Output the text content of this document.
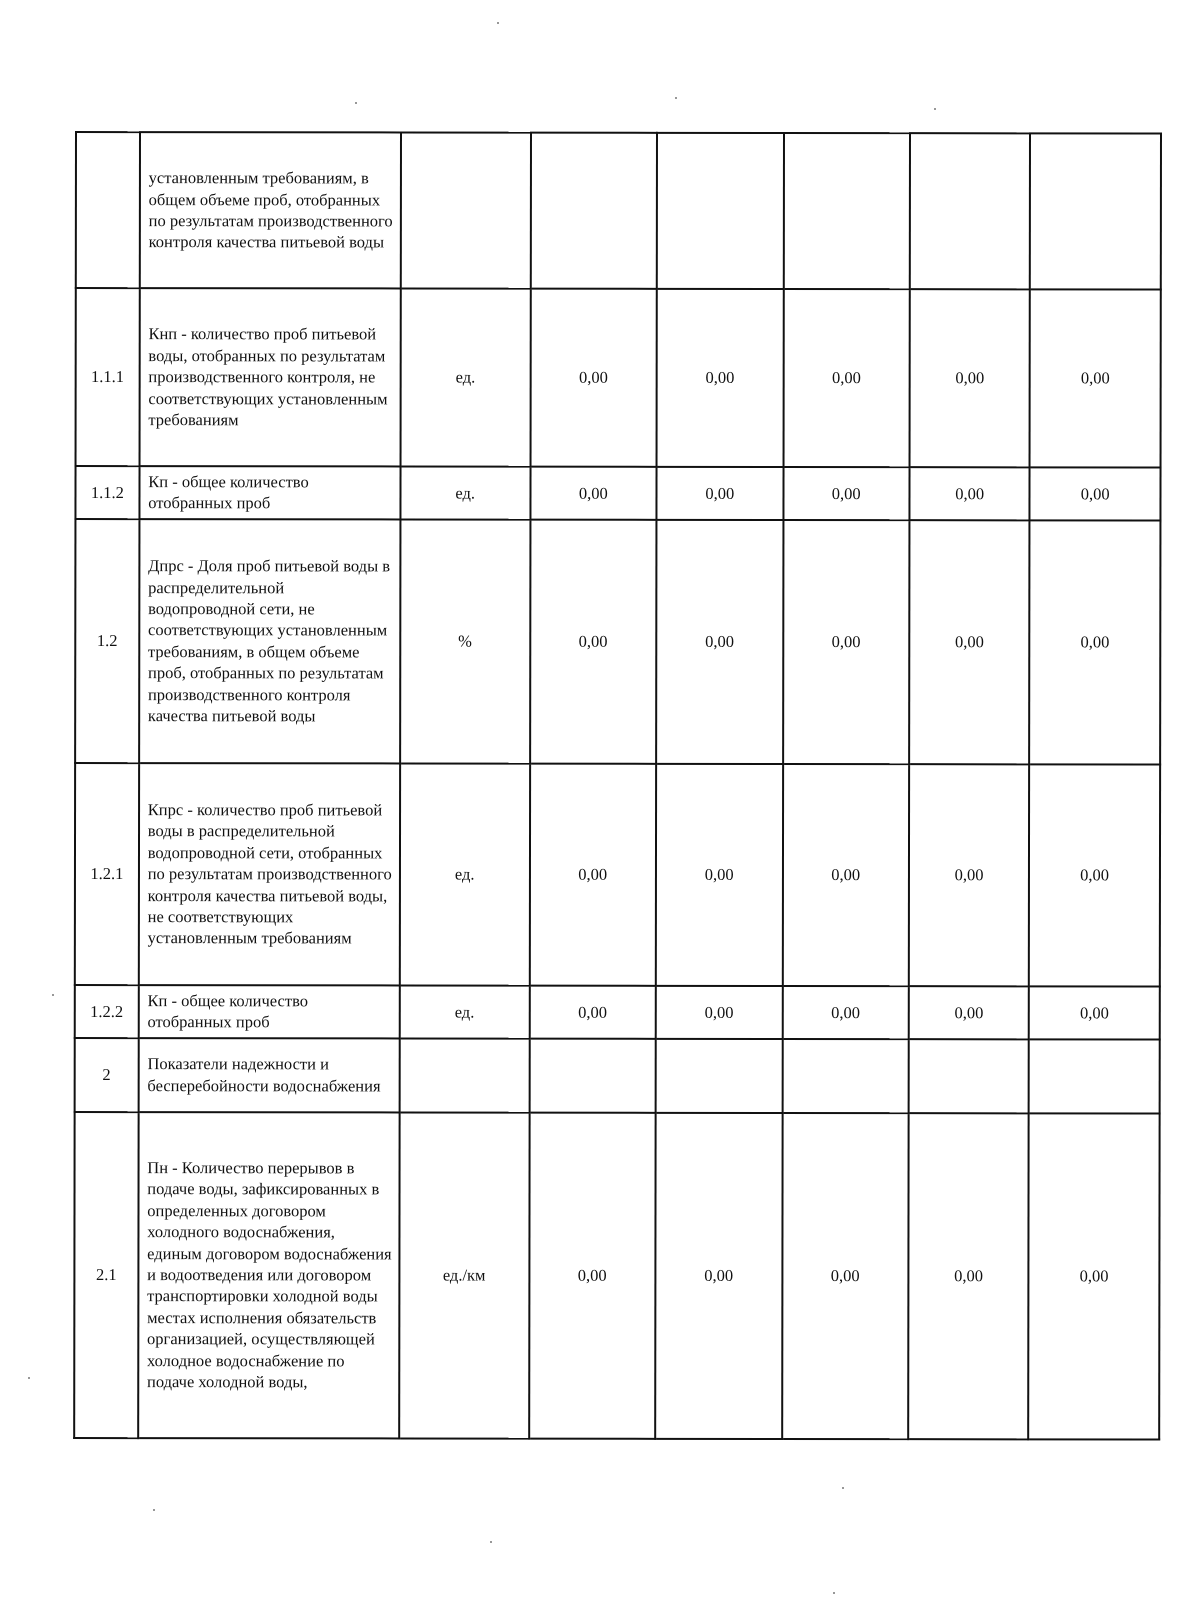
	установленным требованиям, в общем объеме проб, отобранных по результатам производственного контроля качества питьевой воды						
1.1.1	Кнп - количество проб питьевой воды, отобранных по результатам производственного контроля, не соответствующих установленным требованиям	ед.	0,00	0,00	0,00	0,00	0,00
1.1.2	Кп - общее количество отобранных проб	ед.	0,00	0,00	0,00	0,00	0,00
1.2	Дпрс - Доля проб питьевой воды в распределительной водопроводной сети, не соответствующих установленным требованиям, в общем объеме проб, отобранных по результатам производственного контроля качества питьевой воды	%	0,00	0,00	0,00	0,00	0,00
1.2.1	Кпрс - количество проб питьевой воды в распределительной водопроводной сети, отобранных по результатам производственного контроля качества питьевой воды, не соответствующих установленным требованиям	ед.	0,00	0,00	0,00	0,00	0,00
1.2.2	Кп - общее количество отобранных проб	ед.	0,00	0,00	0,00	0,00	0,00
2	Показатели надежности и бесперебойности водоснабжения						
2.1	Пн - Количество перерывов в подаче воды, зафиксированных в определенных договором холодного водоснабжения, единым договором водоснабжения и водоотведения или договором транспортировки холодной воды местах исполнения обязательств организацией, осуществляющей холодное водоснабжение по подаче холодной воды,	ед./км	0,00	0,00	0,00	0,00	0,00
